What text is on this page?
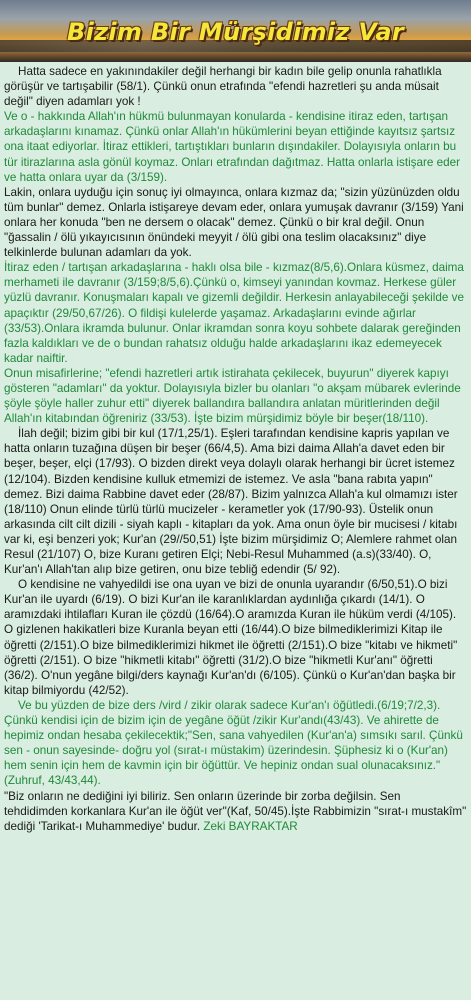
Bizim Bir Mürşidimiz Var

Hatta sadece en yakınındakiler değil herhangi bir kadın bile gelip onunla rahatlıkla görüşür ve tartışabilir (58/1). Çünkü onun etrafında "efendi hazretleri şu anda müsait değil" diyen adamları yok !

Ve o - hakkında Allah'ın hükmü bulunmayan konularda - kendisine itiraz eden, tartışan arkadaşlarını kınamaz. Çünkü onlar Allah'ın hükümlerini beyan ettiğinde kayıtsız şartsız ona itaat ediyorlar. İtiraz ettikleri, tartıştıkları bunların dışındakiler. Dolayısıyla onların bu tür itirazlarına asla gönül koymaz. Onları etrafından dağıtmaz. Hatta onlarla istişare eder ve hatta onlara uyar da (3/159).

Lakin, onlara uyduğu için sonuç iyi olmayınca, onlara kızmaz da; "sizin yüzünüzden oldu tüm bunlar" demez. Onlarla istişareye devam eder, onlara yumuşak davranır (3/159) Yani onlara her konuda "ben ne dersem o olacak" demez. Çünkü o bir kral değil. Onun "ğassalin / ölü yıkayıcısının önündeki meyyit / ölü gibi ona teslim olacaksınız" diye telkinlerde bulunan adamları da yok.

İtiraz eden / tartışan arkadaşlarına - haklı olsa bile - kızmaz(8/5,6).Onlara küsmez, daima merhameti ile davranır (3/159;8/5,6).Çünkü o, kimseyi yanından kovmaz. Herkese güler yüzlü davranır. Konuşmaları kapalı ve gizemli değildir. Herkesin anlayabileceği şekilde ve apaçıktır (29/50,67/26). O fildişi kulelerde yaşamaz. Arkadaşlarını evinde ağırlar (33/53).Onlara ikramda bulunur. Onlar ikramdan sonra koyu sohbete dalarak gereğinden fazla kaldıkları ve de o bundan rahatsız olduğu halde arkadaşlarını ikaz edemeyecek kadar naiftir.

Onun misafirlerine; "efendi hazretleri artık istirahata çekilecek, buyurun" diyerek kapıyı gösteren "adamları" da yoktur. Dolayısıyla bizler bu olanları "o akşam mübarek evlerinde şöyle şöyle haller zuhur etti" diyerek ballandıra ballandıra anlatan müritlerinden değil Allah'ın kitabından öğreniriz (33/53). İşte bizim mürşidimiz böyle bir beşer(18/110).

İlah değil; bizim gibi bir kul (17/1,25/1). Eşleri tarafından kendisine kapris yapılan ve hatta onların tuzağına düşen bir beşer (66/4,5). Ama bizi daima Allah'a davet eden bir beşer, beşer, elçi (17/93). O bizden direkt veya dolaylı olarak herhangi bir ücret istemez (12/104). Bizden kendisine kulluk etmemizi de istemez. Ve asla "bana rabıta yapın" demez. Bizi daima Rabbine davet eder (28/87). Bizim yalnızca Allah'a kul olmamızı ister (18/110) Onun elinde türlü türlü mucizeler - kerametler yok (17/90-93). Üstelik onun arkasında cilt cilt dizili - siyah kaplı - kitapları da yok. Ama onun öyle bir mucisesi / kitabı var ki, eşi benzeri yok; Kur'an (29//50,51) İşte bizim mürşidimiz O; Alemlere rahmet olan Resul (21/107) O, bize Kuranı getiren Elçi; Nebi-Resul Muhammed (a.s)(33/40). O, Kur'an'ı Allah'tan alıp bize getiren, onu bize tebliğ edendir (5/ 92).

O kendisine ne vahyedildi ise ona uyan ve bizi de onunla uyarandır (6/50,51).O bizi Kur'an ile uyardı (6/19). O bizi Kur'an ile karanlıklardan aydınlığa çıkardı (14/1). O aramızdaki ihtilafları Kuran ile çözdü (16/64).O aramızda Kuran ile hüküm verdi (4/105). O gizlenen hakikatleri bize Kuranla beyan etti (16/44).O bize bilmediklerimizi Kitap ile öğretti (2/151).O bize bilmediklerimizi hikmet ile öğretti (2/151).O bize "kitabı ve hikmeti" öğretti (2/151). O bize "hikmetli kitabı" öğretti (31/2).O bize "hikmetli Kur'anı" öğretti (36/2). O'nun yegâne bilgi/ders kaynağı Kur'an'dı (6/105). Çünkü o Kur'an'dan başka bir kitap bilmiyordu (42/52).

Ve bu yüzden de bize ders /vird / zikir olarak sadece Kur'an'ı öğütledi.(6/19;7/2,3). Çünkü kendisi için de bizim için de yegâne öğüt /zikir Kur'andı(43/43). Ve ahirette de hepimiz ondan hesaba çekilecektik;"Sen, sana vahyedilen (Kur'an'a) sımsıkı sarıl. Çünkü sen - onun sayesinde- doğru yol (sırat-ı müstakim) üzerindesin. Şüphesiz ki o (Kur'an) hem senin için hem de kavmin için bir öğüttür. Ve hepiniz ondan sual olunacaksınız." (Zuhruf, 43/43,44).

"Biz onların ne dediğini iyi biliriz. Sen onların üzerinde bir zorba değilsin. Sen tehdidimden korkanlara Kur'an ile öğüt ver"(Kaf, 50/45).İşte Rabbimizin "sırat-ı mustakîm" dediği 'Tarikat-ı Muhammediye' budur. Zeki BAYRAKTAR
